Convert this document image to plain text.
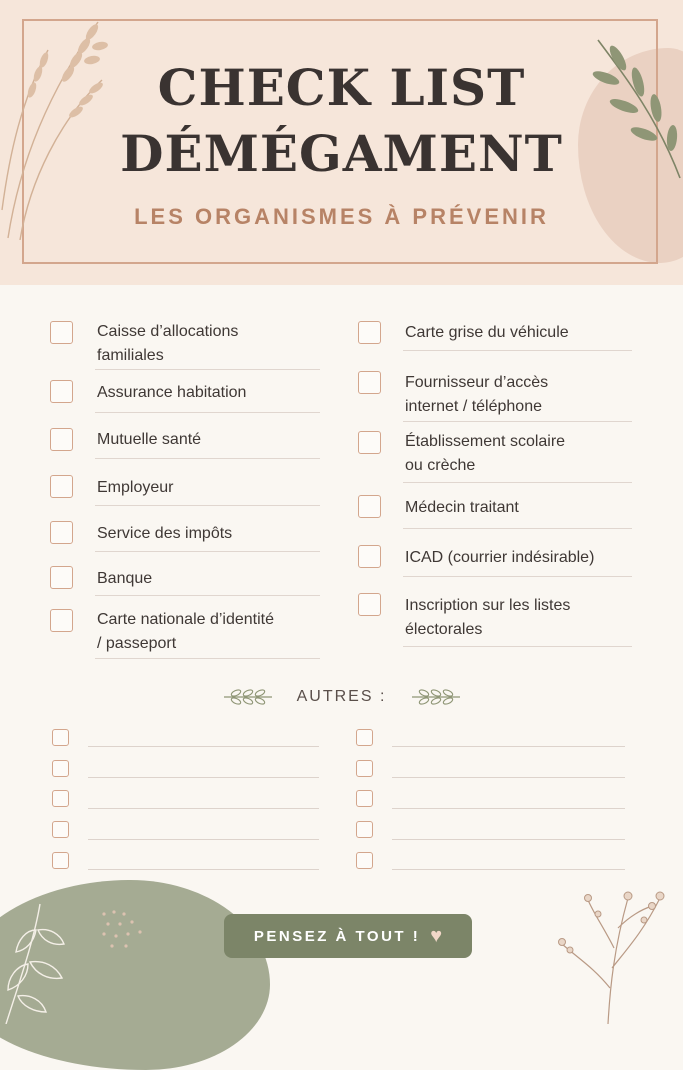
CHECK LIST
DÉMÉGAMENT
LES ORGANISMES À PRÉVENIR
Caisse d’allocations
familiales
Assurance habitation
Mutuelle santé
Employeur
Service des impôts
Banque
Carte nationale d’identité
/ passeport
Carte grise du véhicule
Fournisseur d’accès
internet / téléphone
Établissement scolaire
ou crèche
Médecin traitant
ICAD (courrier indésirable)
Inscription sur les listes
électorales
AUTRES :
PENSEZ À TOUT ! ♥
